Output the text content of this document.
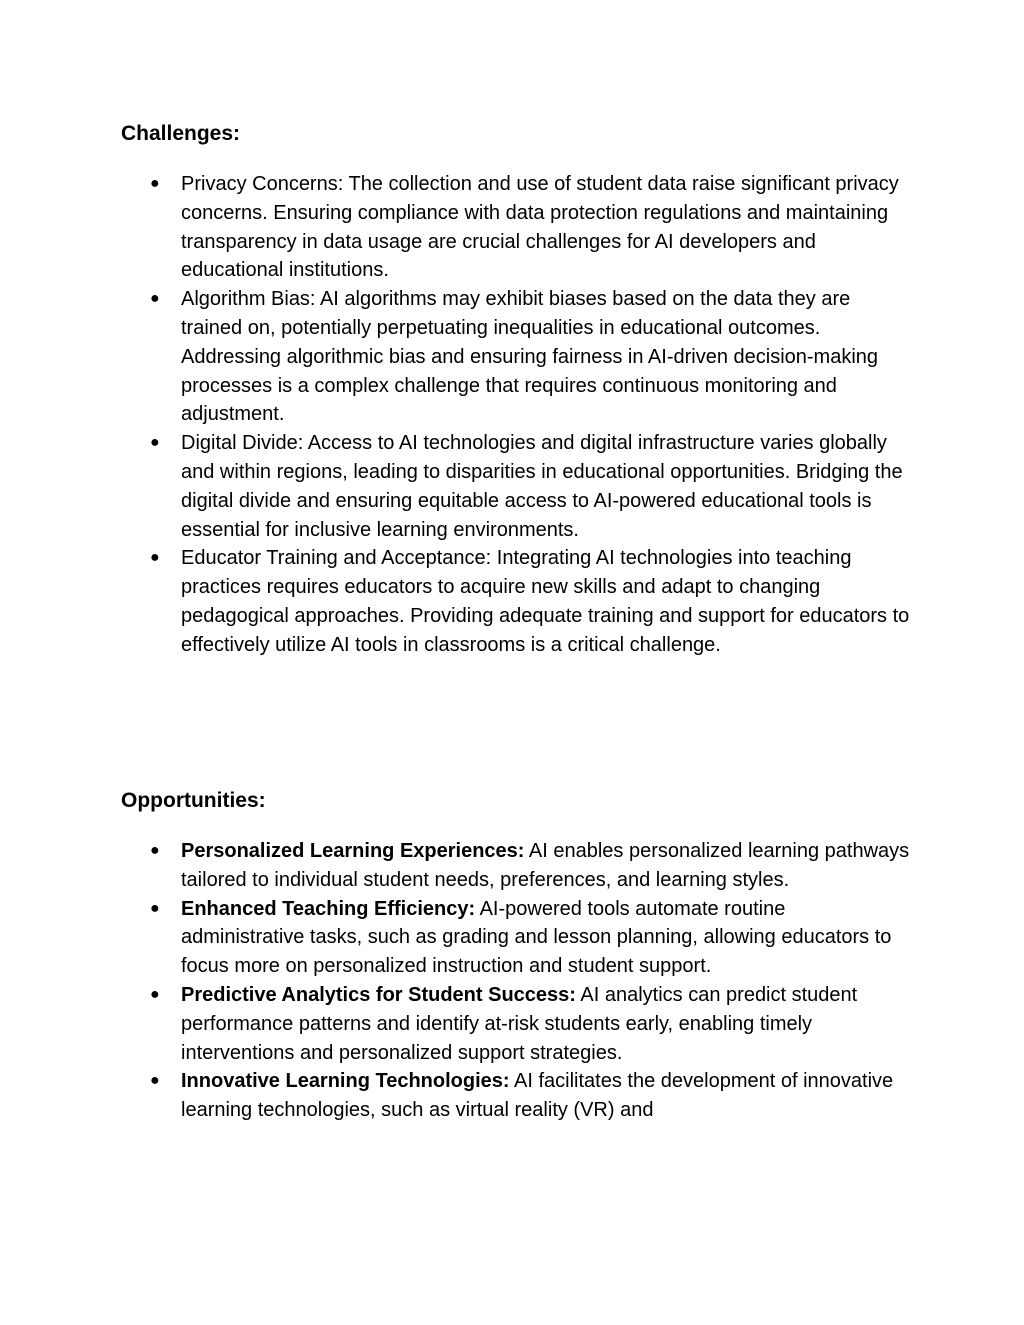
Challenges:
● Privacy Concerns: The collection and use of student data raise significant privacy concerns. Ensuring compliance with data protection regulations and maintaining transparency in data usage are crucial challenges for AI developers and educational institutions.
● Algorithm Bias: AI algorithms may exhibit biases based on the data they are trained on, potentially perpetuating inequalities in educational outcomes. Addressing algorithmic bias and ensuring fairness in AI-driven decision-making processes is a complex challenge that requires continuous monitoring and adjustment.
● Digital Divide: Access to AI technologies and digital infrastructure varies globally and within regions, leading to disparities in educational opportunities. Bridging the digital divide and ensuring equitable access to AI-powered educational tools is essential for inclusive learning environments.
● Educator Training and Acceptance: Integrating AI technologies into teaching practices requires educators to acquire new skills and adapt to changing pedagogical approaches. Providing adequate training and support for educators to effectively utilize AI tools in classrooms is a critical challenge.
Opportunities:
● Personalized Learning Experiences: AI enables personalized learning pathways tailored to individual student needs, preferences, and learning styles.
● Enhanced Teaching Efficiency: AI-powered tools automate routine administrative tasks, such as grading and lesson planning, allowing educators to focus more on personalized instruction and student support.
● Predictive Analytics for Student Success: AI analytics can predict student performance patterns and identify at-risk students early, enabling timely interventions and personalized support strategies.
● Innovative Learning Technologies: AI facilitates the development of innovative learning technologies, such as virtual reality (VR) and
